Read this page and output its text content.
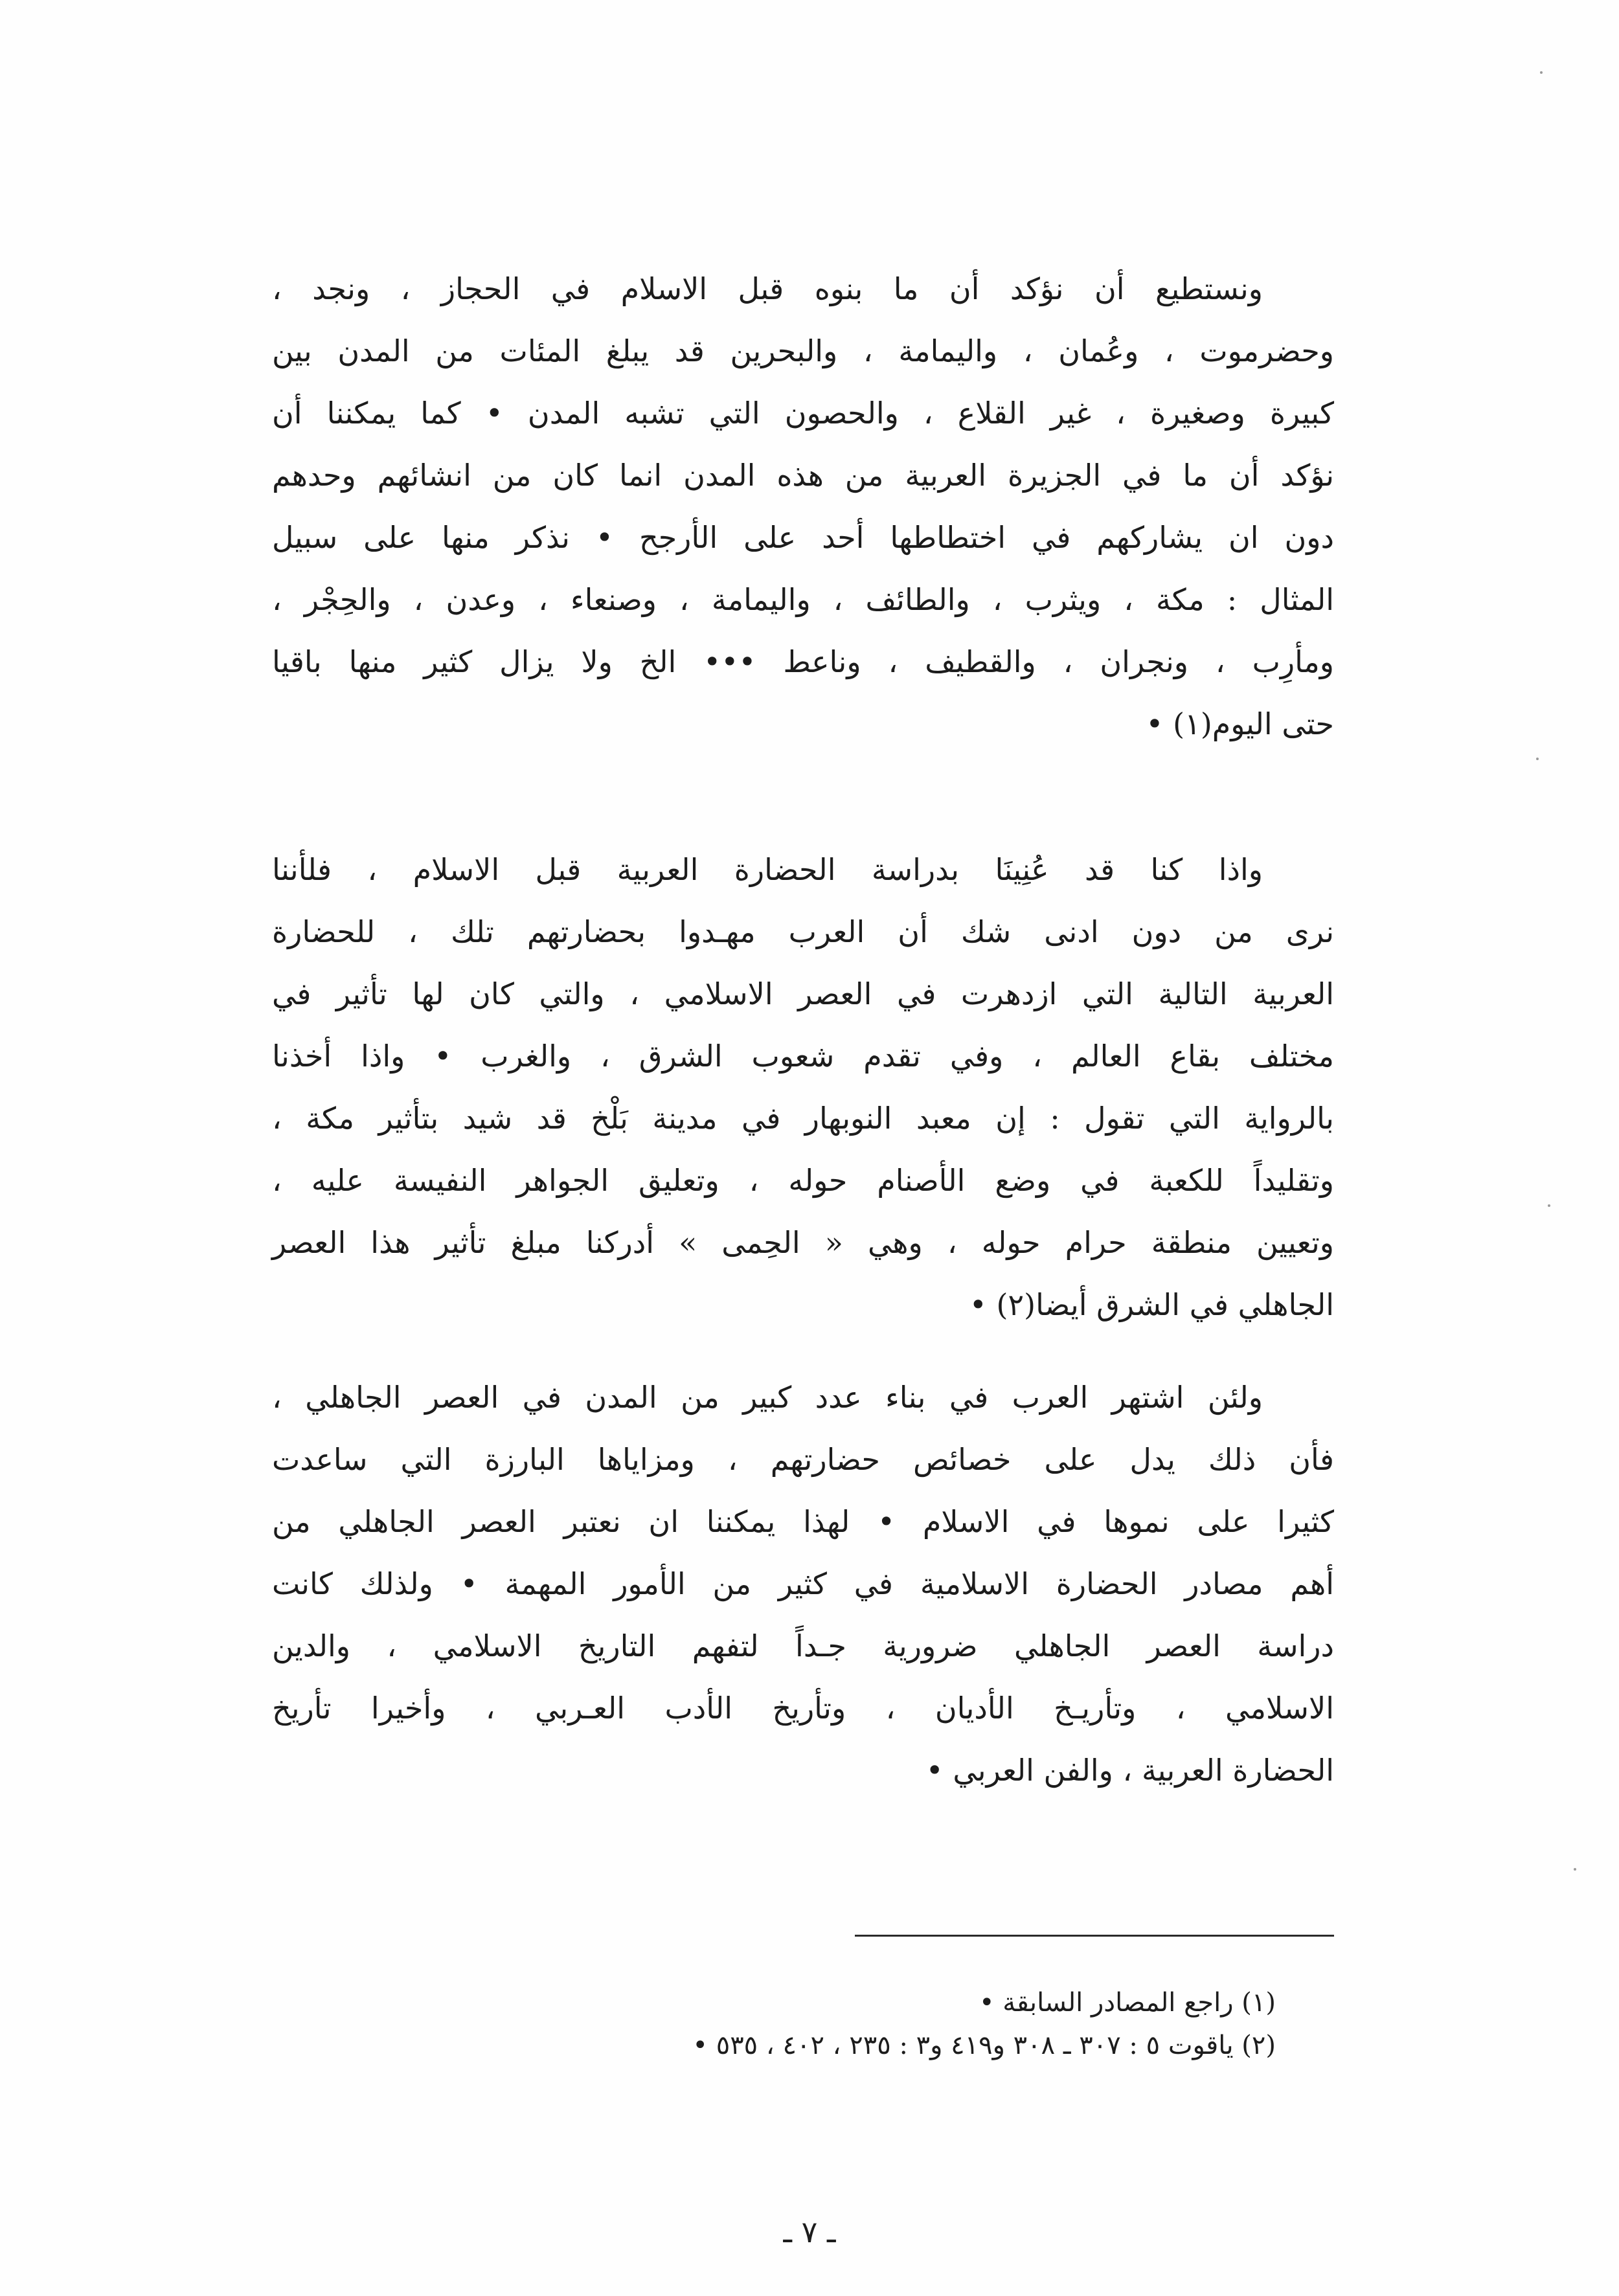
ونستطيع أن نؤكد أن ما بنوه قبل الاسلام في الحجاز ، ونجد ،
وحضرموت ، وعُمان ، واليمامة ، والبحرين قد يبلغ المئات من المدن بين
كبيرة وصغيرة ، غير القلاع ، والحصون التي تشبه المدن • كما يمكننا أن
نؤكد أن ما في الجزيرة العربية من هذه المدن انما كان من انشائهم وحدهم
دون ان يشاركهم في اختطاطها أحد على الأرجح • نذكر منها على سبيل
المثال : مكة ، ويثرب ، والطائف ، واليمامة ، وصنعاء ، وعدن ، والحِجْر ،
ومأرِب ، ونجران ، والقطيف ، وناعط ••• الخ ولا يزال كثير منها باقيا
حتى اليوم(١) •
واذا كنا قد عُنِينَا بدراسة الحضارة العربية قبل الاسلام ، فلأننا
نرى من دون ادنى شك أن العرب مهـدوا بحضارتهم تلك ، للحضارة
العربية التالية التي ازدهرت في العصر الاسلامي ، والتي كان لها تأثير في
مختلف بقاع العالم ، وفي تقدم شعوب الشرق ، والغرب • واذا أخذنا
بالرواية التي تقول : إن معبد النوبهار في مدينة بَلْخ قد شيد بتأثير مكة ،
وتقليداً للكعبة في وضع الأصنام حوله ، وتعليق الجواهر النفيسة عليه ،
وتعيين منطقة حرام حوله ، وهي « الحِمى » أدركنا مبلغ تأثير هذا العصر
الجاهلي في الشرق أيضا(٢) •
ولئن اشتهر العرب في بناء عدد كبير من المدن في العصر الجاهلي ،
فأن ذلك يدل على خصائص حضارتهم ، ومزاياها البارزة التي ساعدت
كثيرا على نموها في الاسلام • لهذا يمكننا ان نعتبر العصر الجاهلي من
أهم مصادر الحضارة الاسلامية في كثير من الأمور المهمة • ولذلك كانت
دراسة العصر الجاهلي ضرورية جـداً لتفهم التاريخ الاسلامي ، والدين
الاسلامي ، وتأريـخ الأديان ، وتأريخ الأدب العـربي ، وأخيرا تأريخ
الحضارة العربية ، والفن العربي •
(١) راجع المصادر السابقة •
(٢) ياقوت ٥ : ٣٠٧ ـ ٣٠٨ و٤١٩ و٣ : ٢٣٥ ، ٤٠٢ ، ٥٣٥ •
ـ ٧ ـ
